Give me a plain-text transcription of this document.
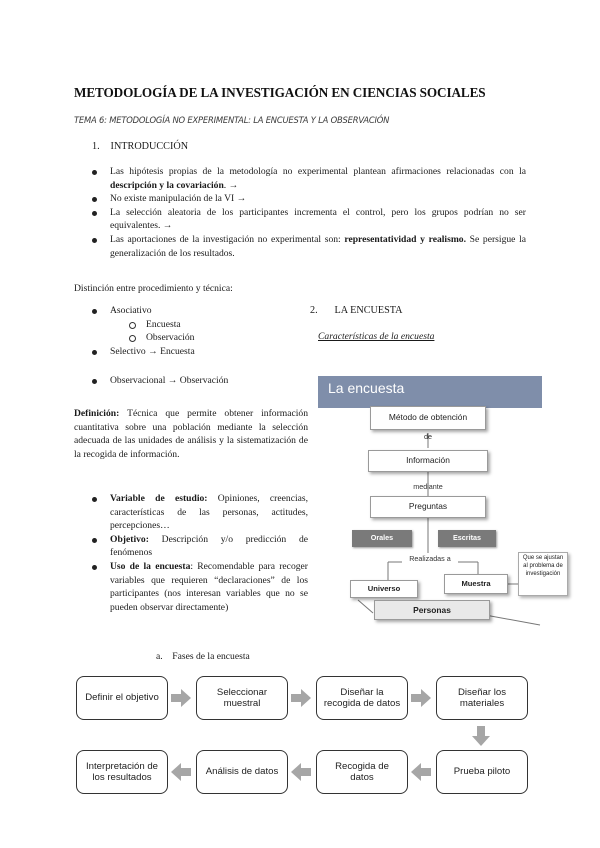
METODOLOGÍA DE LA INVESTIGACIÓN EN CIENCIAS SOCIALES
TEMA 6: METODOLOGÍA NO EXPERIMENTAL: LA ENCUESTA Y LA OBSERVACIÓN
1. INTRODUCCIÓN
Las hipótesis propias de la metodología no experimental plantean afirmaciones relacionadas con la descripción y la covariación. →
No existe manipulación de la VI →
La selección aleatoria de los participantes incrementa el control, pero los grupos podrían no ser equivalentes. →
Las aportaciones de la investigación no experimental son: representatividad y realismo. Se persigue la generalización de los resultados.
Distinción entre procedimiento y técnica:
Asociativo
Encuesta
Observación
Selectivo → Encuesta
Observacional → Observación
Definición: Técnica que permite obtener información cuantitativa sobre una población mediante la selección adecuada de las unidades de análisis y la sistematización de la recogida de información.
Variable de estudio: Opiniones, creencias, características de las personas, actitudes, percepciones…
Objetivo: Descripción y/o predicción de fenómenos
Uso de la encuesta: Recomendable para recoger variables que requieren “declaraciones” de los participantes (nos interesan variables que no se pueden observar directamente)
2. LA ENCUESTA
Características de la encuesta
La encuesta
Método de obtención
de
Información
mediante
Preguntas
Orales	Escritas
Realizadas a
Universo
Muestra
Que se ajustan al problema de investigación
Personas
a.    Fases de la encuesta
Definir el objetivo
Seleccionar muestral
Diseñar la recogida de datos
Diseñar los materiales
Prueba piloto
Recogida de datos
Análisis de datos
Interpretación de los resultados
